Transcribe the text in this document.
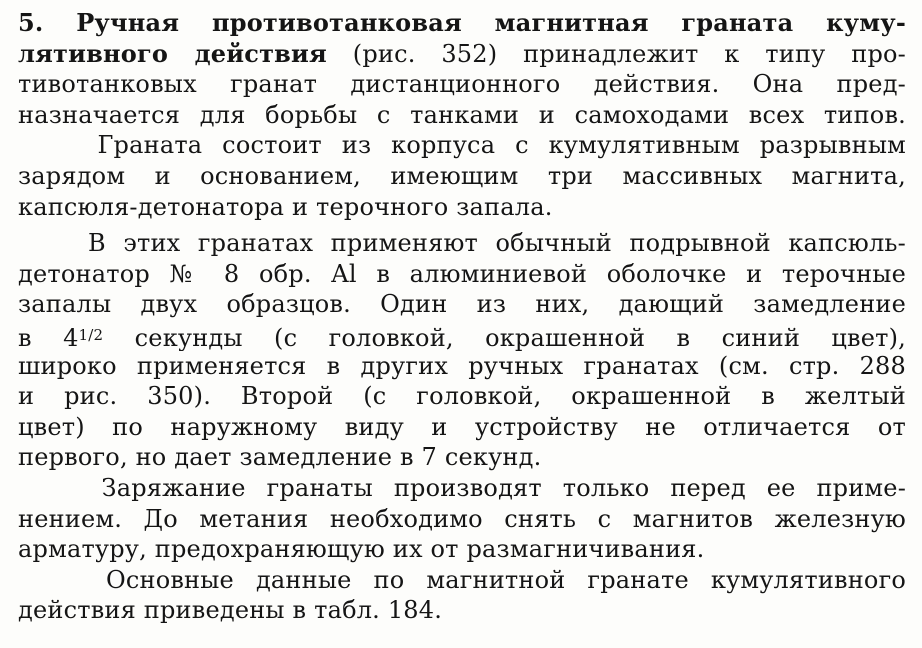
5. Ручная противотанковая магнитная граната куму-
лятивного действия (рис. 352) принадлежит к типу про-
тивотанковых гранат дистанционного действия. Она пред-
назначается для борьбы с танками и самоходами всех типов.
Граната состоит из корпуса с кумулятивным разрывным
зарядом и основанием, имеющим три массивных магнита,
капсюля-детонатора и терочного запала.
В этих гранатах применяют обычный подрывной капсюль-
детонатор № 8 обр. Al в алюминиевой оболочке и терочные
запалы двух образцов. Один из них, дающий замедление
в $4^{1/2}$ секунды (с головкой, окрашенной в синий цвет),
широко применяется в других ручных гранатах (см. стр. 288
и рис. 350). Второй (с головкой, окрашенной в желтый
цвет) по наружному виду и устройству не отличается от
первого, но дает замедление в 7 секунд.
Заряжание гранаты производят только перед ее приме-
нением. До метания необходимо снять с магнитов железную
арматуру, предохраняющую их от размагничивания.
Основные данные по магнитной гранате кумулятивного
действия приведены в табл. 184.
